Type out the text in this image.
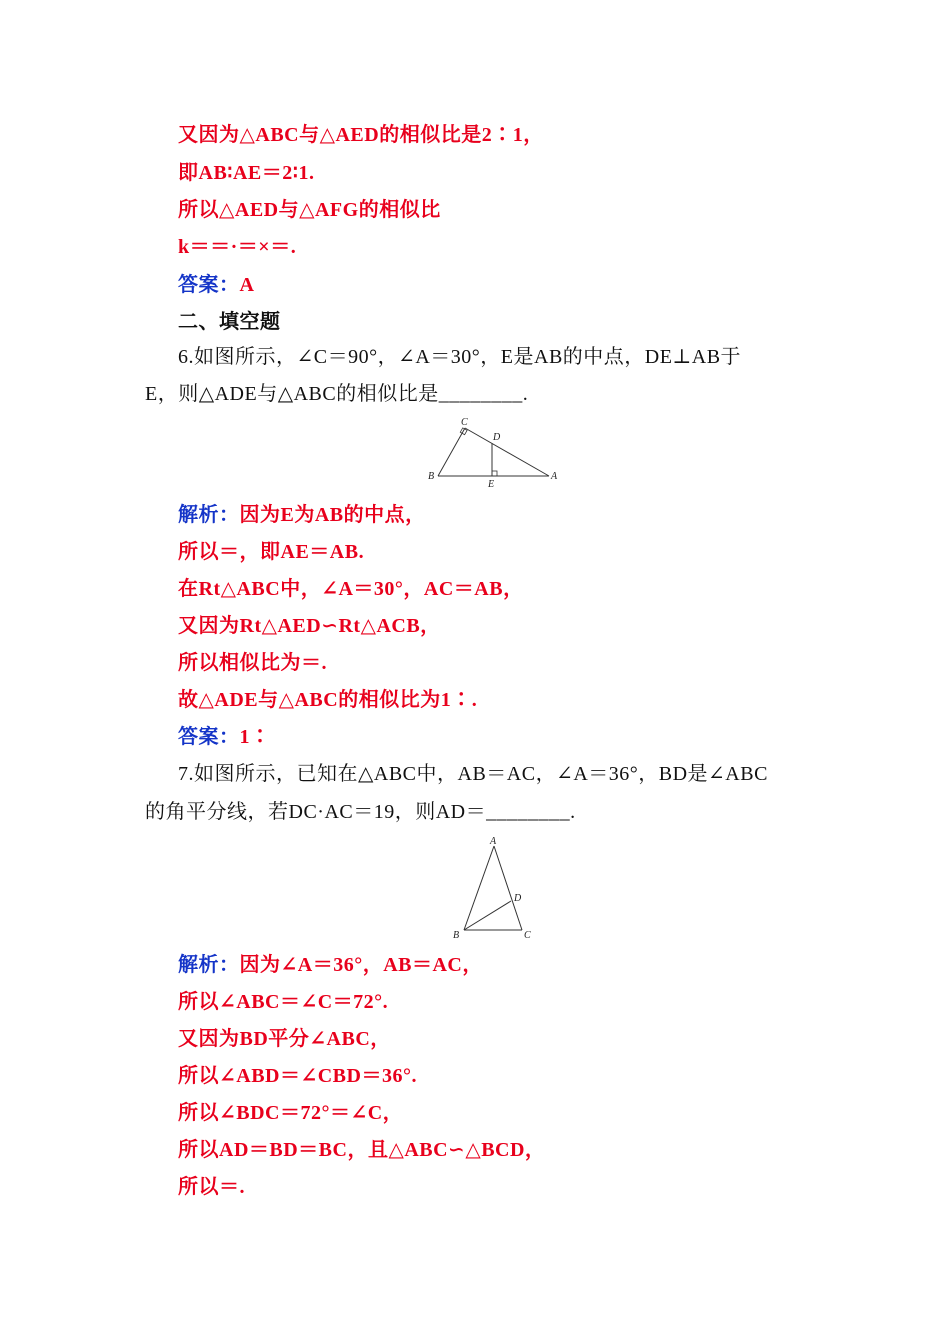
又因为△ABC与△AED的相似比是2∶1，
即AB∶AE＝2∶1.
所以△AED与△AFG的相似比
k＝＝·＝×＝.
答案：A
二、填空题
6.如图所示，∠C＝90°，∠A＝30°，E是AB的中点，DE⊥AB于
E，则△ADE与△ABC的相似比是________.
C
D
B
E
A
解析：因为E为AB的中点，
所以＝，即AE＝AB.
在Rt△ABC中，∠A＝30°，AC＝AB，
又因为Rt△AED∽Rt△ACB，
所以相似比为＝.
故△ADE与△ABC的相似比为1∶.
答案：1∶
7.如图所示，已知在△ABC中，AB＝AC，∠A＝36°，BD是∠ABC
的角平分线，若DC·AC＝19，则AD＝________.
A
D
B	C
解析：因为∠A＝36°，AB＝AC，
所以∠ABC＝∠C＝72°.
又因为BD平分∠ABC，
所以∠ABD＝∠CBD＝36°.
所以∠BDC＝72°＝∠C，
所以AD＝BD＝BC，且△ABC∽△BCD，
所以＝.
